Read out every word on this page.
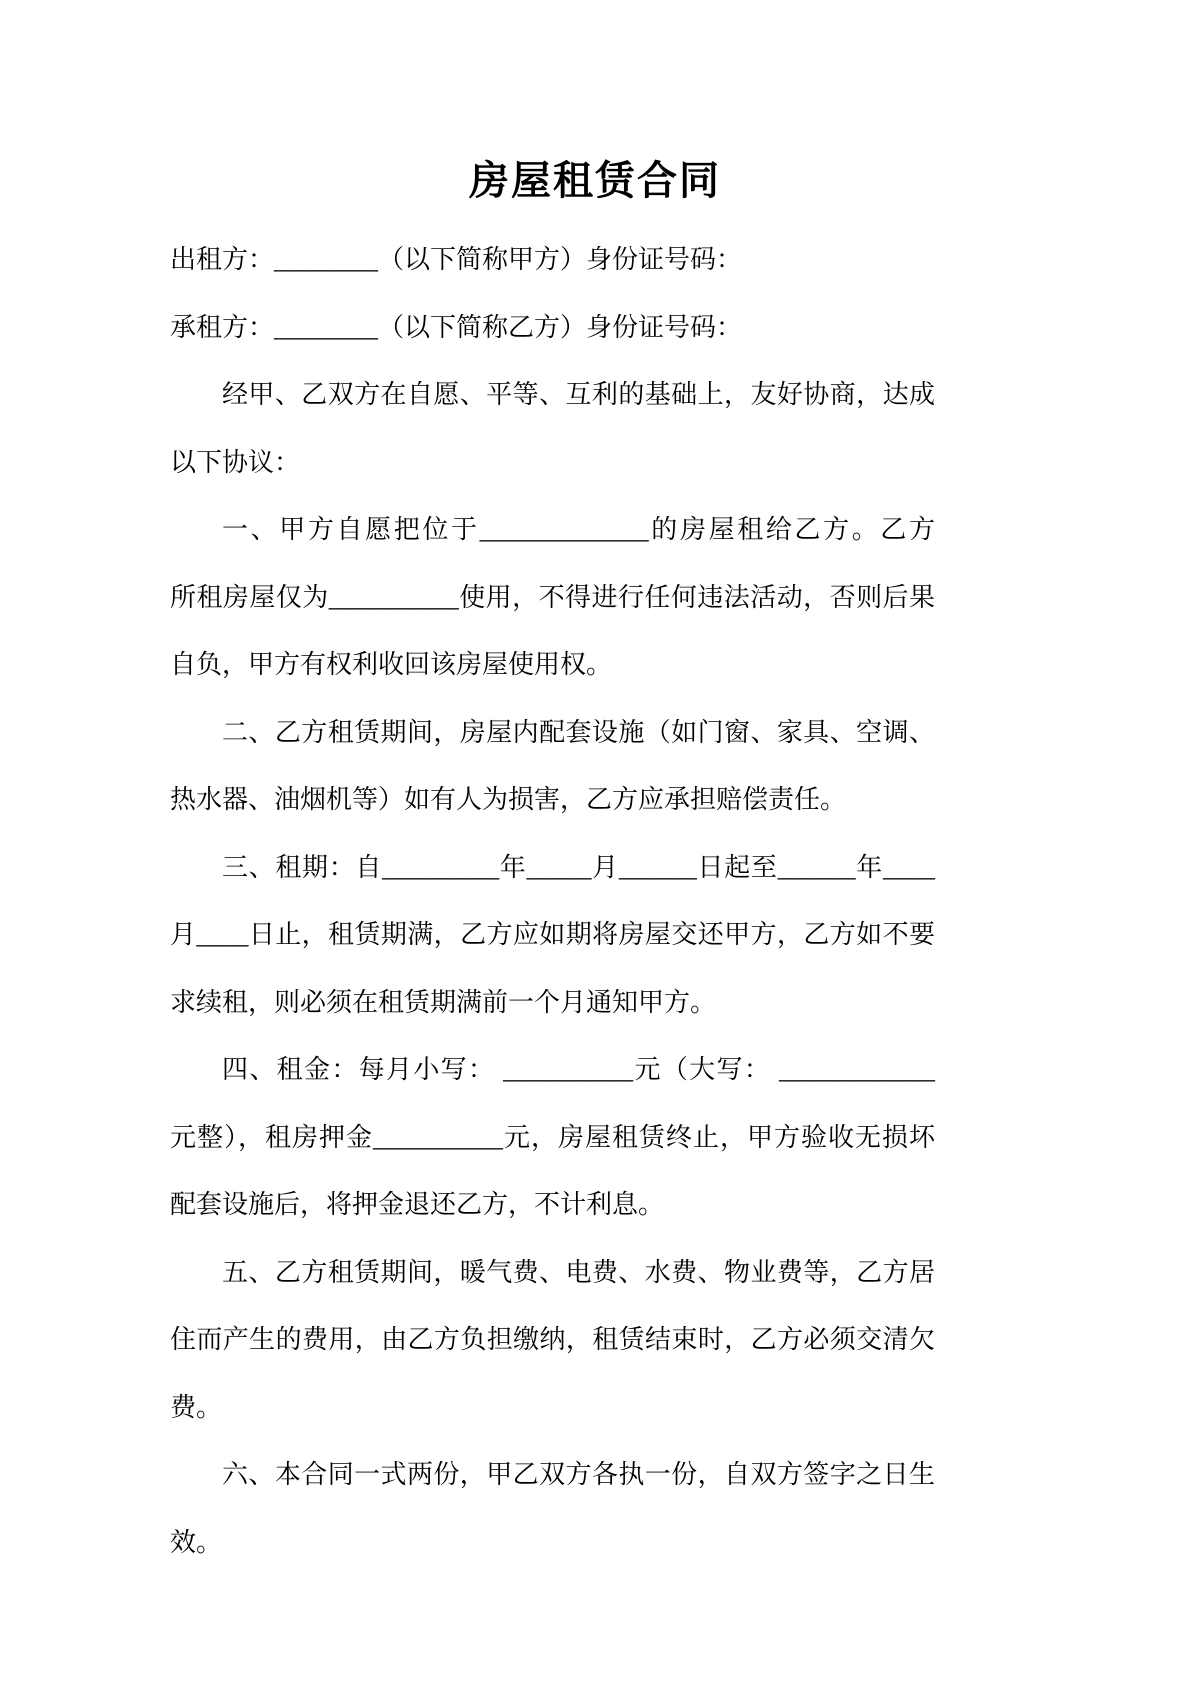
房屋租赁合同
出租方：________（以下简称甲方）身份证号码：
承租方：________（以下简称乙方）身份证号码：
经甲、乙双方在自愿、平等、互利的基础上，友好协商，达成
以下协议：
一、甲方自愿把位于_____________的房屋租给乙方。乙方
所租房屋仅为__________使用，不得进行任何违法活动，否则后果
自负，甲方有权利收回该房屋使用权。
二、乙方租赁期间，房屋内配套设施（如门窗、家具、空调、
热水器、油烟机等）如有人为损害，乙方应承担赔偿责任。
三、租期：自_________年_____月______日起至______年____
月____日止，租赁期满，乙方应如期将房屋交还甲方，乙方如不要
求续租，则必须在租赁期满前一个月通知甲方。
四、租金：每月小写： __________元（大写： ____________
元整），租房押金__________元，房屋租赁终止，甲方验收无损坏
配套设施后，将押金退还乙方，不计利息。
五、乙方租赁期间，暖气费、电费、水费、物业费等，乙方居
住而产生的费用，由乙方负担缴纳，租赁结束时，乙方必须交清欠
费。
六、本合同一式两份，甲乙双方各执一份，自双方签字之日生
效。
